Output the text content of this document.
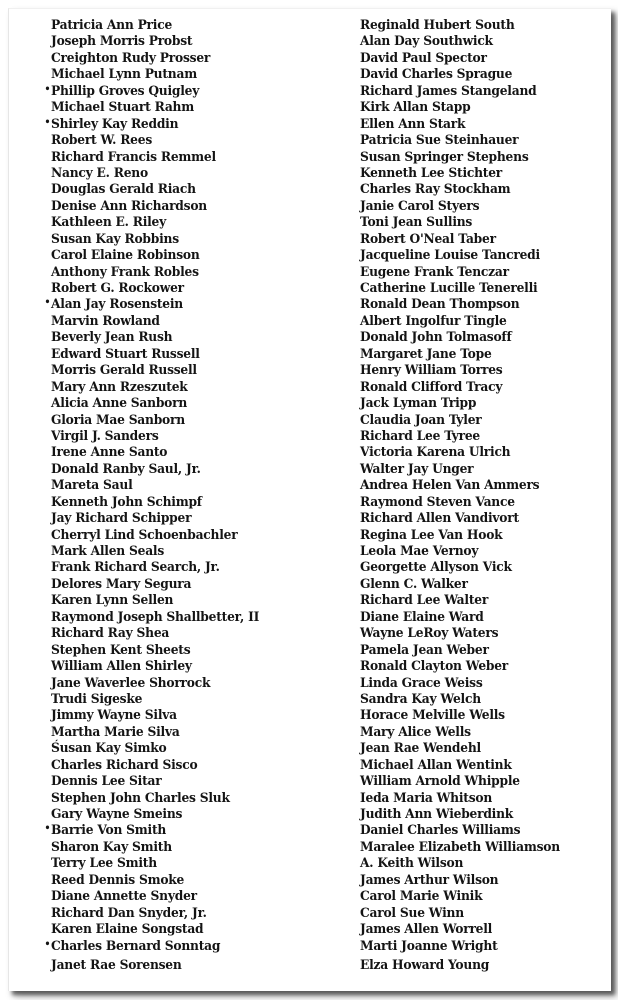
Patricia Ann Price
Joseph Morris Probst
Creighton Rudy Prosser
Michael Lynn Putnam
• Phillip Groves Quigley
Michael Stuart Rahm
• Shirley Kay Reddin
Robert W. Rees
Richard Francis Remmel
Nancy E. Reno
Douglas Gerald Riach
Denise Ann Richardson
Kathleen E. Riley
Susan Kay Robbins
Carol Elaine Robinson
Anthony Frank Robles
Robert G. Rockower
• Alan Jay Rosenstein
Marvin Rowland
Beverly Jean Rush
Edward Stuart Russell
Morris Gerald Russell
Mary Ann Rzeszutek
Alicia Anne Sanborn
Gloria Mae Sanborn
Virgil J. Sanders
Irene Anne Santo
Donald Ranby Saul, Jr.
Mareta Saul
Kenneth John Schimpf
Jay Richard Schipper
Cherryl Lind Schoenbachler
Mark Allen Seals
Frank Richard Search, Jr.
Delores Mary Segura
Karen Lynn Sellen
Raymond Joseph Shallbetter, II
Richard Ray Shea
Stephen Kent Sheets
William Allen Shirley
Jane Waverlee Shorrock
Trudi Sigeske
Jimmy Wayne Silva
Martha Marie Silva
Śusan Kay Simko
Charles Richard Sisco
Dennis Lee Sitar
Stephen John Charles Sluk
Gary Wayne Smeins
• Barrie Von Smith
Sharon Kay Smith
Terry Lee Smith
Reed Dennis Smoke
Diane Annette Snyder
Richard Dan Snyder, Jr.
Karen Elaine Songstad
• Charles Bernard Sonntag
Janet Rae Sorensen
Reginald Hubert South
Alan Day Southwick
David Paul Spector
David Charles Sprague
Richard James Stangeland
Kirk Allan Stapp
Ellen Ann Stark
Patricia Sue Steinhauer
Susan Springer Stephens
Kenneth Lee Stichter
Charles Ray Stockham
Janie Carol Styers
Toni Jean Sullins
Robert O'Neal Taber
Jacqueline Louise Tancredi
Eugene Frank Tenczar
Catherine Lucille Tenerelli
Ronald Dean Thompson
Albert Ingolfur Tingle
Donald John Tolmasoff
Margaret Jane Tope
Henry William Torres
Ronald Clifford Tracy
Jack Lyman Tripp
Claudia Joan Tyler
Richard Lee Tyree
Victoria Karena Ulrich
Walter Jay Unger
Andrea Helen Van Ammers
Raymond Steven Vance
Richard Allen Vandivort
Regina Lee Van Hook
Leola Mae Vernoy
Georgette Allyson Vick
Glenn C. Walker
Richard Lee Walter
Diane Elaine Ward
Wayne LeRoy Waters
Pamela Jean Weber
Ronald Clayton Weber
Linda Grace Weiss
Sandra Kay Welch
Horace Melville Wells
Mary Alice Wells
Jean Rae Wendehl
Michael Allan Wentink
William Arnold Whipple
Ieda Maria Whitson
Judith Ann Wieberdink
Daniel Charles Williams
Maralee Elizabeth Williamson
A. Keith Wilson
James Arthur Wilson
Carol Marie Winik
Carol Sue Winn
James Allen Worrell
Marti Joanne Wright
Elza Howard Young
